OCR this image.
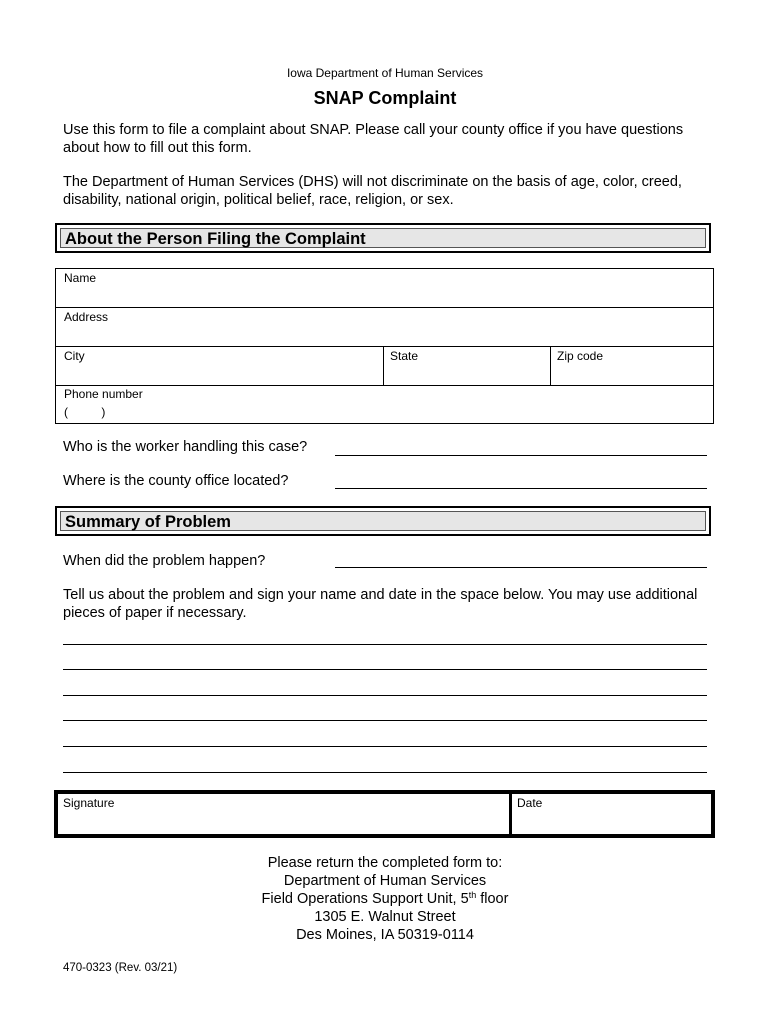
Iowa Department of Human Services
SNAP Complaint
Use this form to file a complaint about SNAP. Please call your county office if you have questions about how to fill out this form.
The Department of Human Services (DHS) will not discriminate on the basis of age, color, creed, disability, national origin, political belief, race, religion, or sex.
About the Person Filing the Complaint
Name
Address
City	State	Zip code
Phone number
(          )
Who is the worker handling this case?
Where is the county office located?
Summary of Problem
When did the problem happen?
Tell us about the problem and sign your name and date in the space below. You may use additional pieces of paper if necessary.
Signature	Date
Please return the completed form to:
Department of Human Services
Field Operations Support Unit, 5th floor
1305 E. Walnut Street
Des Moines, IA 50319-0114
470-0323 (Rev. 03/21)
